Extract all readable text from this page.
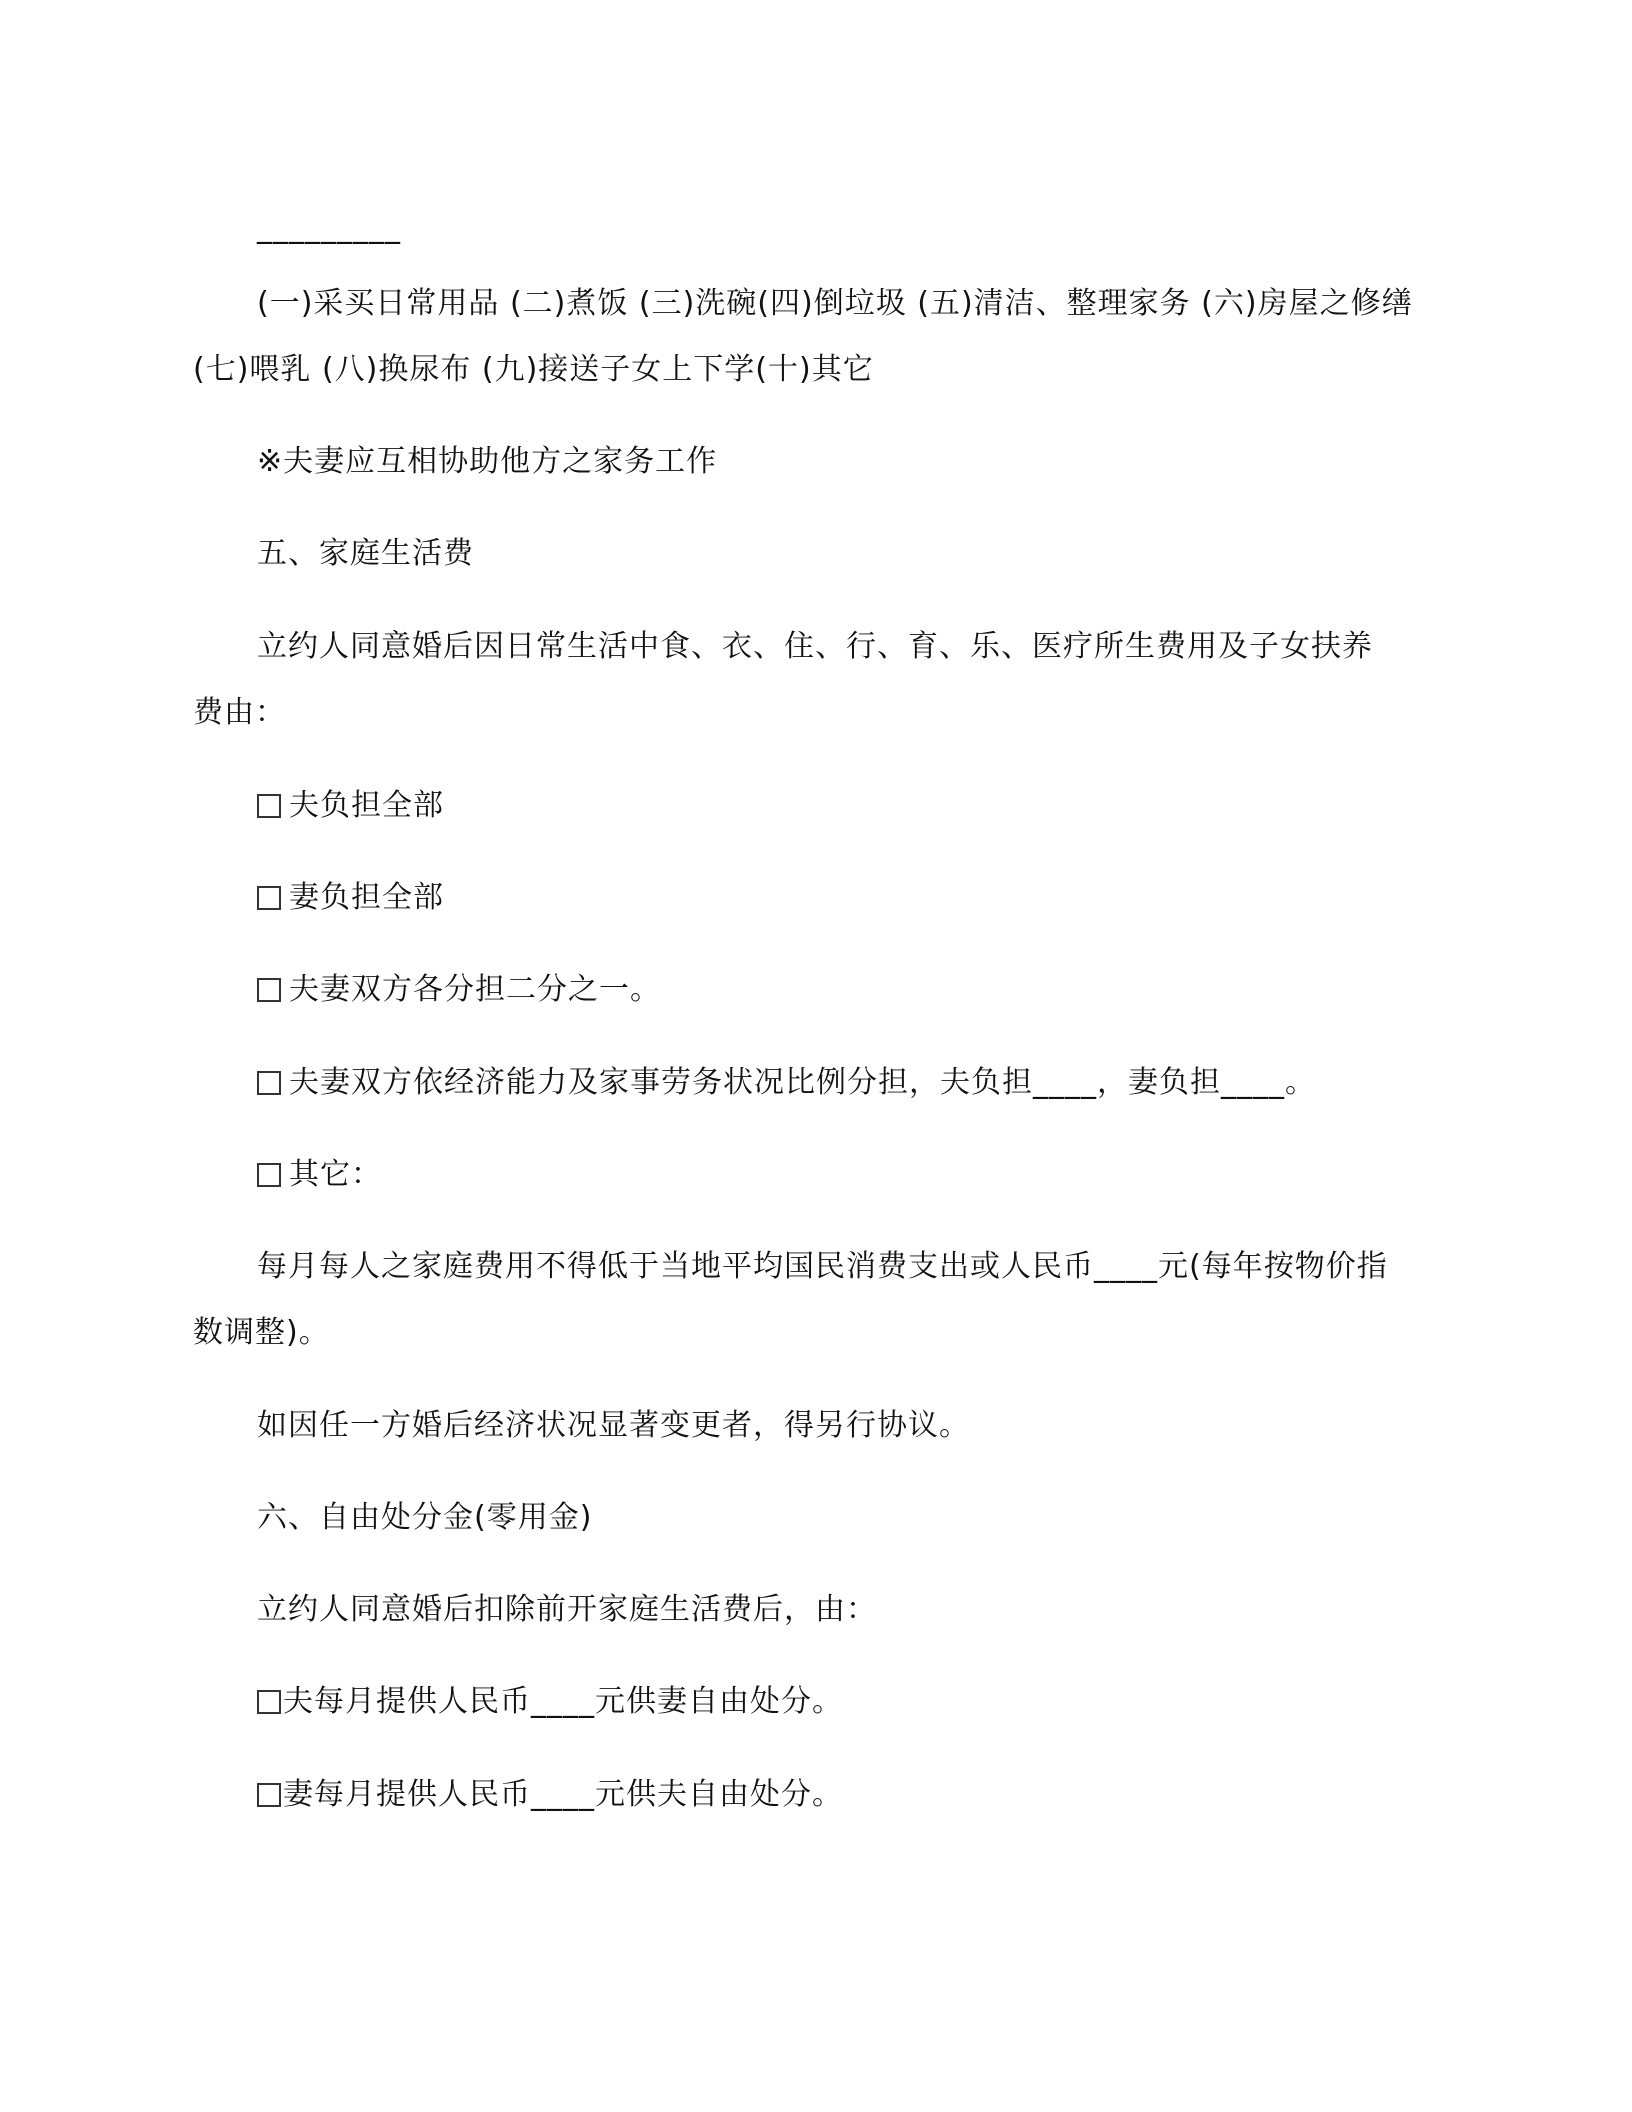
_________
(一)采买日常用品 (二)煮饭 (三)洗碗(四)倒垃圾 (五)清洁、整理家务 (六)房屋之修缮
(七)喂乳 (八)换尿布 (九)接送子女上下学(十)其它
※夫妻应互相协助他方之家务工作
五、家庭生活费
立约人同意婚后因日常生活中食、衣、住、行、育、乐、医疗所生费用及子女扶养
费由：
夫负担全部
妻负担全部
夫妻双方各分担二分之一。
夫妻双方依经济能力及家事劳务状况比例分担，夫负担____，妻负担____。
其它：
每月每人之家庭费用不得低于当地平均国民消费支出或人民币____元(每年按物价指
数调整)。
如因任一方婚后经济状况显著变更者，得另行协议。
六、自由处分金(零用金)
立约人同意婚后扣除前开家庭生活费后，由：
夫每月提供人民币____元供妻自由处分。
妻每月提供人民币____元供夫自由处分。
